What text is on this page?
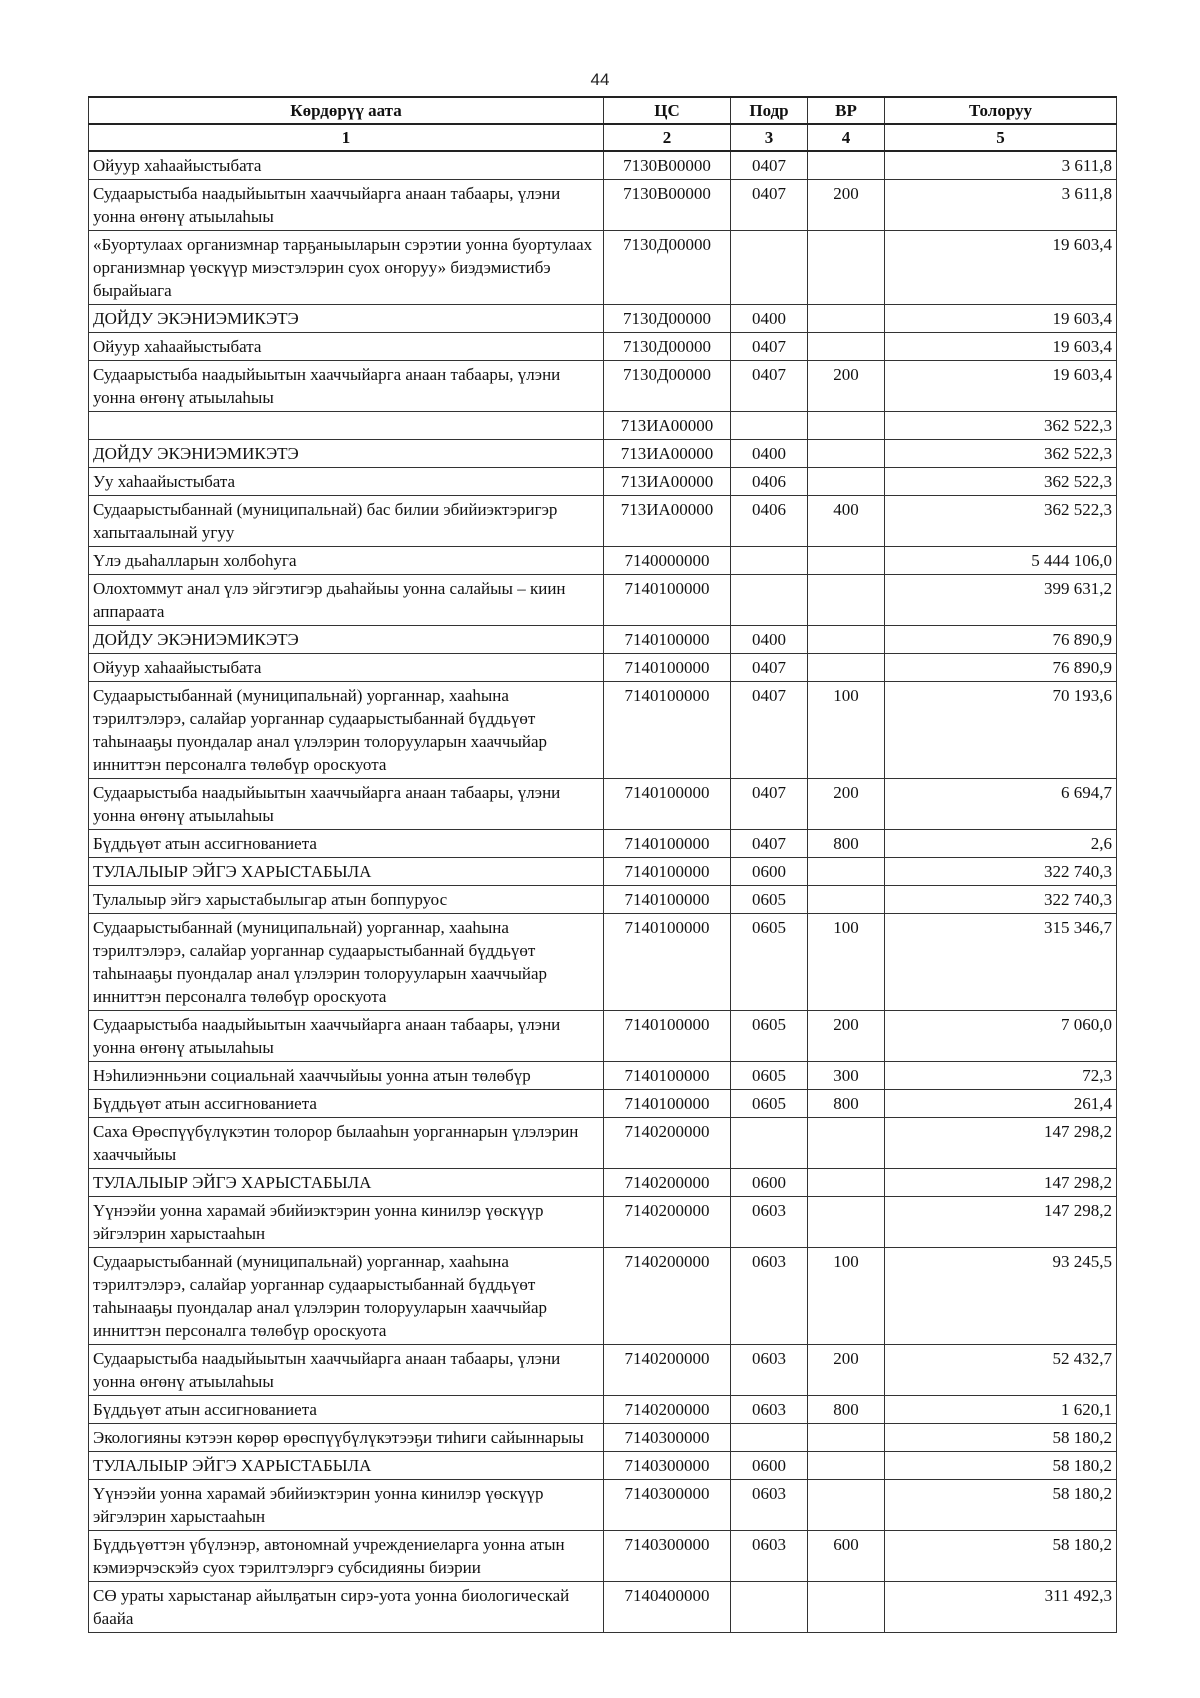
44
Көрдөрүү аата	ЦС	Подр	ВР	Толоруу
1	2	3	4	5
Ойуур хаһаайыстыбата	7130В00000	0407		3 611,8
Судаарыстыба наадыйыытын хааччыйарга анаан табаары, үлэни уонна өҥөнү атыылаһыы	7130В00000	0407	200	3 611,8
«Буортулаах организмнар тарҕаныыларын сэрэтии уонна буортулаах организмнар үөскүүр миэстэлэрин суох оҥоруу» биэдэмистибэ бырайыага	7130Д00000			19 603,4
ДОЙДУ ЭКЭНИЭМИКЭТЭ	7130Д00000	0400		19 603,4
Ойуур хаһаайыстыбата	7130Д00000	0407		19 603,4
Судаарыстыба наадыйыытын хааччыйарга анаан табаары, үлэни уонна өҥөнү атыылаһыы	7130Д00000	0407	200	19 603,4
	713ИА00000			362 522,3
ДОЙДУ ЭКЭНИЭМИКЭТЭ	713ИА00000	0400		362 522,3
Уу хаһаайыстыбата	713ИА00000	0406		362 522,3
Судаарыстыбаннай (муниципальнай) бас билии эбийиэктэригэр хапытаалынай угуу	713ИА00000	0406	400	362 522,3
Үлэ дьаһалларын холбоһуга	7140000000			5 444 106,0
Олохтоммут анал үлэ эйгэтигэр дьаһайыы уонна салайыы – киин аппараата	7140100000			399 631,2
ДОЙДУ ЭКЭНИЭМИКЭТЭ	7140100000	0400		76 890,9
Ойуур хаһаайыстыбата	7140100000	0407		76 890,9
Судаарыстыбаннай (муниципальнай) уорганнар, хааһына тэрилтэлэрэ, салайар уорганнар судаарыстыбаннай бүддьүөт таһынааҕы пуондалар анал үлэлэрин толорууларын хааччыйар инниттэн персоналга төлөбүр ороскуота	7140100000	0407	100	70 193,6
Судаарыстыба наадыйыытын хааччыйарга анаан табаары, үлэни уонна өҥөнү атыылаһыы	7140100000	0407	200	6 694,7
Бүддьүөт атын ассигнованиета	7140100000	0407	800	2,6
ТУЛАЛЫЫР ЭЙГЭ ХАРЫСТАБЫЛА	7140100000	0600		322 740,3
Тулалыыр эйгэ харыстабылыгар атын боппуруос	7140100000	0605		322 740,3
Судаарыстыбаннай (муниципальнай) уорганнар, хааһына тэрилтэлэрэ, салайар уорганнар судаарыстыбаннай бүддьүөт таһынааҕы пуондалар анал үлэлэрин толорууларын хааччыйар инниттэн персоналга төлөбүр ороскуота	7140100000	0605	100	315 346,7
Судаарыстыба наадыйыытын хааччыйарга анаан табаары, үлэни уонна өҥөнү атыылаһыы	7140100000	0605	200	7 060,0
Нэһилиэнньэни социальнай хааччыйыы уонна атын төлөбүр	7140100000	0605	300	72,3
Бүддьүөт атын ассигнованиета	7140100000	0605	800	261,4
Саха Өрөспүүбүлүкэтин толорор былааһын уорганнарын үлэлэрин хааччыйыы	7140200000			147 298,2
ТУЛАЛЫЫР ЭЙГЭ ХАРЫСТАБЫЛА	7140200000	0600		147 298,2
Үүнээйи уонна харамай эбийиэктэрин уонна кинилэр үөскүүр эйгэлэрин харыстааһын	7140200000	0603		147 298,2
Судаарыстыбаннай (муниципальнай) уорганнар, хааһына тэрилтэлэрэ, салайар уорганнар судаарыстыбаннай бүддьүөт таһынааҕы пуондалар анал үлэлэрин толорууларын хааччыйар инниттэн персоналга төлөбүр ороскуота	7140200000	0603	100	93 245,5
Судаарыстыба наадыйыытын хааччыйарга анаан табаары, үлэни уонна өҥөнү атыылаһыы	7140200000	0603	200	52 432,7
Бүддьүөт атын ассигнованиета	7140200000	0603	800	1 620,1
Экологияны кэтээн көрөр өрөспүүбүлүкэтээҕи тиһиги сайыннарыы	7140300000			58 180,2
ТУЛАЛЫЫР ЭЙГЭ ХАРЫСТАБЫЛА	7140300000	0600		58 180,2
Үүнээйи уонна харамай эбийиэктэрин уонна кинилэр үөскүүр эйгэлэрин харыстааһын	7140300000	0603		58 180,2
Бүддьүөттэн үбүлэнэр, автономнай учреждениеларга уонна атын кэмиэрчэскэйэ суох тэрилтэлэргэ субсидияны биэрии	7140300000	0603	600	58 180,2
СӨ ураты харыстанар айылҕатын сирэ-уота уонна биологическай баайа	7140400000			311 492,3
